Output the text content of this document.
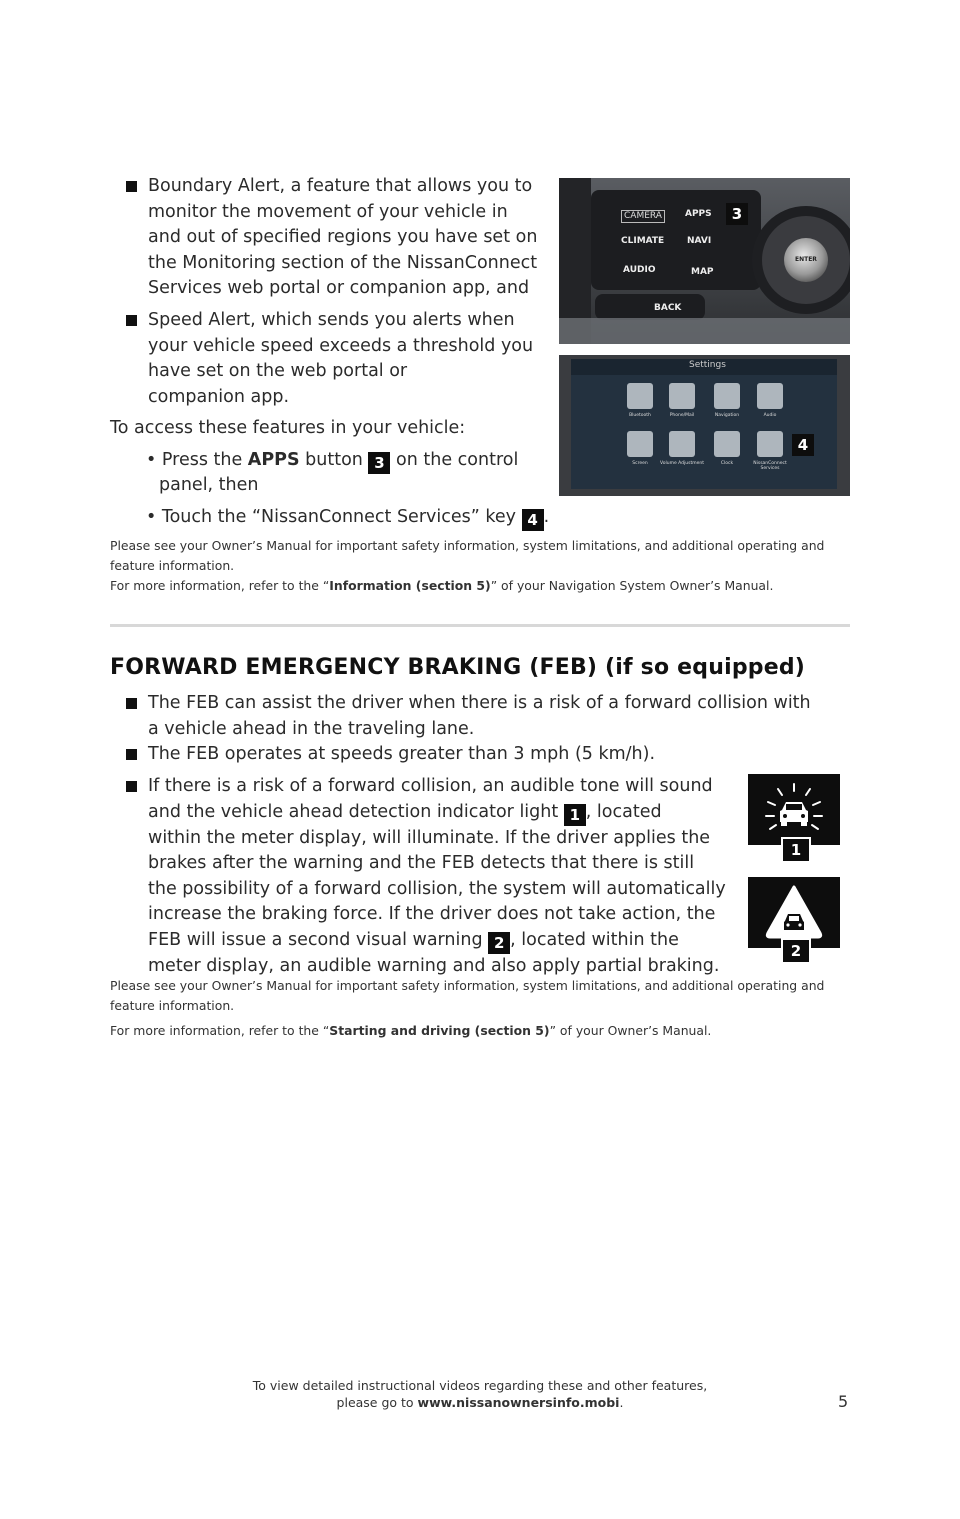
Boundary Alert, a feature that allows you to
monitor the movement of your vehicle in
and out of specified regions you have set on
the Monitoring section of the NissanConnect
Services web portal or companion app, and
Speed Alert, which sends you alerts when
your vehicle speed exceeds a threshold you
have set on the web portal or
companion app.
To access these features in your vehicle:
• Press the APPS button 3 on the control
panel, then
• Touch the “NissanConnect Services” key 4 .
Please see your Owner’s Manual for important safety information, system limitations, and additional operating and
feature information.
For more information, refer to the “Information (section 5)” of your Navigation System Owner’s Manual.
CAMERA	APPS
CLIMATE	NAVI
AUDIO	MAP
BACK
ENTER
3
Settings
Bluetooth	Phone/Mail	Navigation	Audio
Screen	Volume Adjustment	Clock	NissanConnect Services
4
FORWARD EMERGENCY BRAKING (FEB) (if so equipped)
The FEB can assist the driver when there is a risk of a forward collision with
a vehicle ahead in the traveling lane.
The FEB operates at speeds greater than 3 mph (5 km/h).
If there is a risk of a forward collision, an audible tone will sound
and the vehicle ahead detection indicator light 1 , located
within the meter display, will illuminate. If the driver applies the
brakes after the warning and the FEB detects that there is still
the possibility of a forward collision, the system will automatically
increase the braking force. If the driver does not take action, the
FEB will issue a second visual warning 2 , located within the
meter display, an audible warning and also apply partial braking.
Please see your Owner’s Manual for important safety information, system limitations, and additional operating and
feature information.
For more information, refer to the “Starting and driving (section 5)” of your Owner’s Manual.
1
2
To view detailed instructional videos regarding these and other features,
please go to www.nissanownersinfo.mobi.	5
